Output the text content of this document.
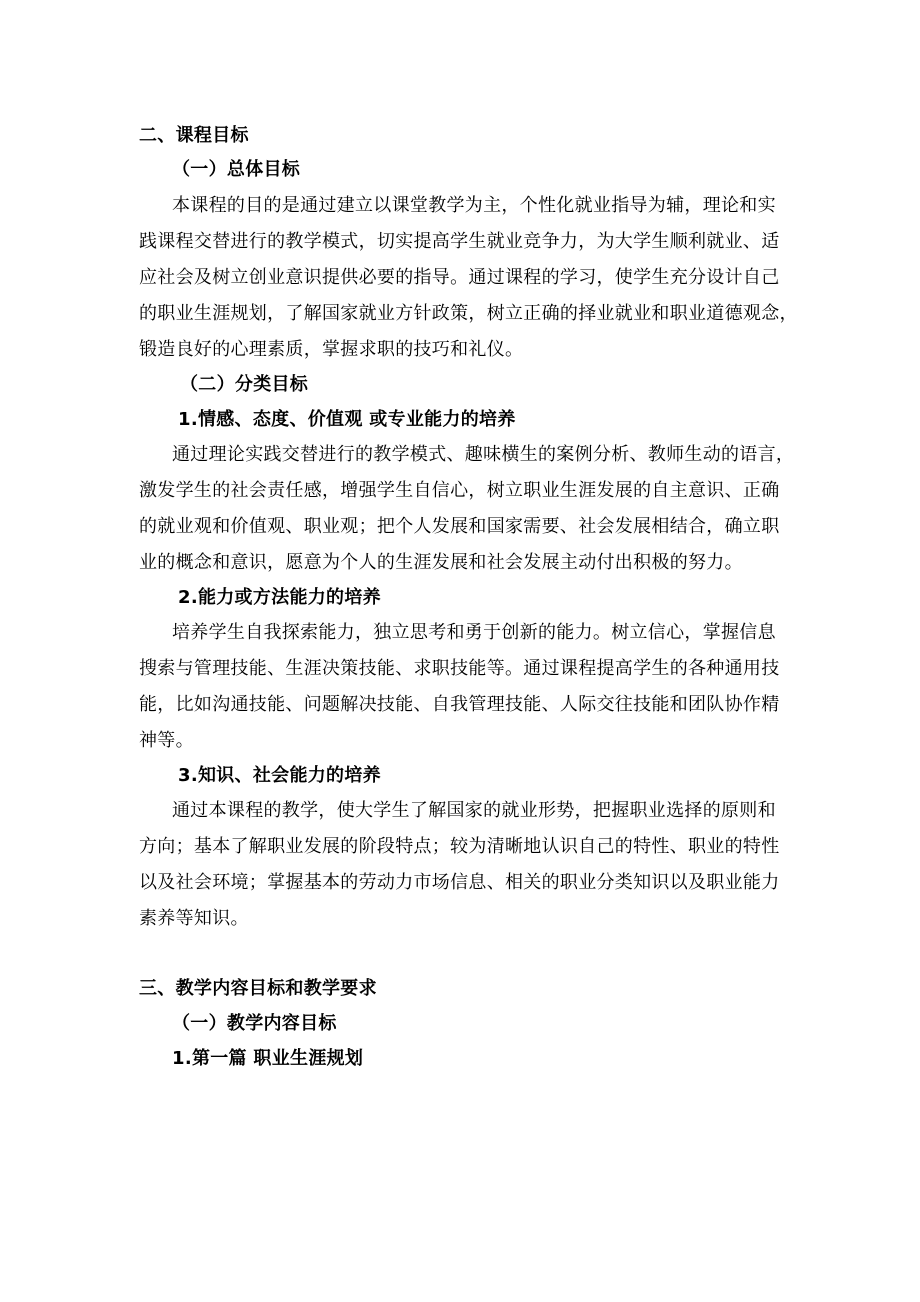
二、课程目标
（一）总体目标
本课程的目的是通过建立以课堂教学为主，个性化就业指导为辅，理论和实
践课程交替进行的教学模式，切实提高学生就业竞争力，为大学生顺利就业、适
应社会及树立创业意识提供必要的指导。通过课程的学习，使学生充分设计自己
的职业生涯规划，了解国家就业方针政策，树立正确的择业就业和职业道德观念，
锻造良好的心理素质，掌握求职的技巧和礼仪。
（二）分类目标
1.情感、态度、价值观 或专业能力的培养
通过理论实践交替进行的教学模式、趣味横生的案例分析、教师生动的语言，
激发学生的社会责任感，增强学生自信心，树立职业生涯发展的自主意识、正确
的就业观和价值观、职业观；把个人发展和国家需要、社会发展相结合，确立职
业的概念和意识，愿意为个人的生涯发展和社会发展主动付出积极的努力。
2.能力或方法能力的培养
培养学生自我探索能力，独立思考和勇于创新的能力。树立信心，掌握信息
搜索与管理技能、生涯决策技能、求职技能等。通过课程提高学生的各种通用技
能，比如沟通技能、问题解决技能、自我管理技能、人际交往技能和团队协作精
神等。
3.知识、社会能力的培养
通过本课程的教学，使大学生了解国家的就业形势，把握职业选择的原则和
方向；基本了解职业发展的阶段特点；较为清晰地认识自己的特性、职业的特性
以及社会环境；掌握基本的劳动力市场信息、相关的职业分类知识以及职业能力
素养等知识。
三、教学内容目标和教学要求
（一）教学内容目标
1.第一篇 职业生涯规划
